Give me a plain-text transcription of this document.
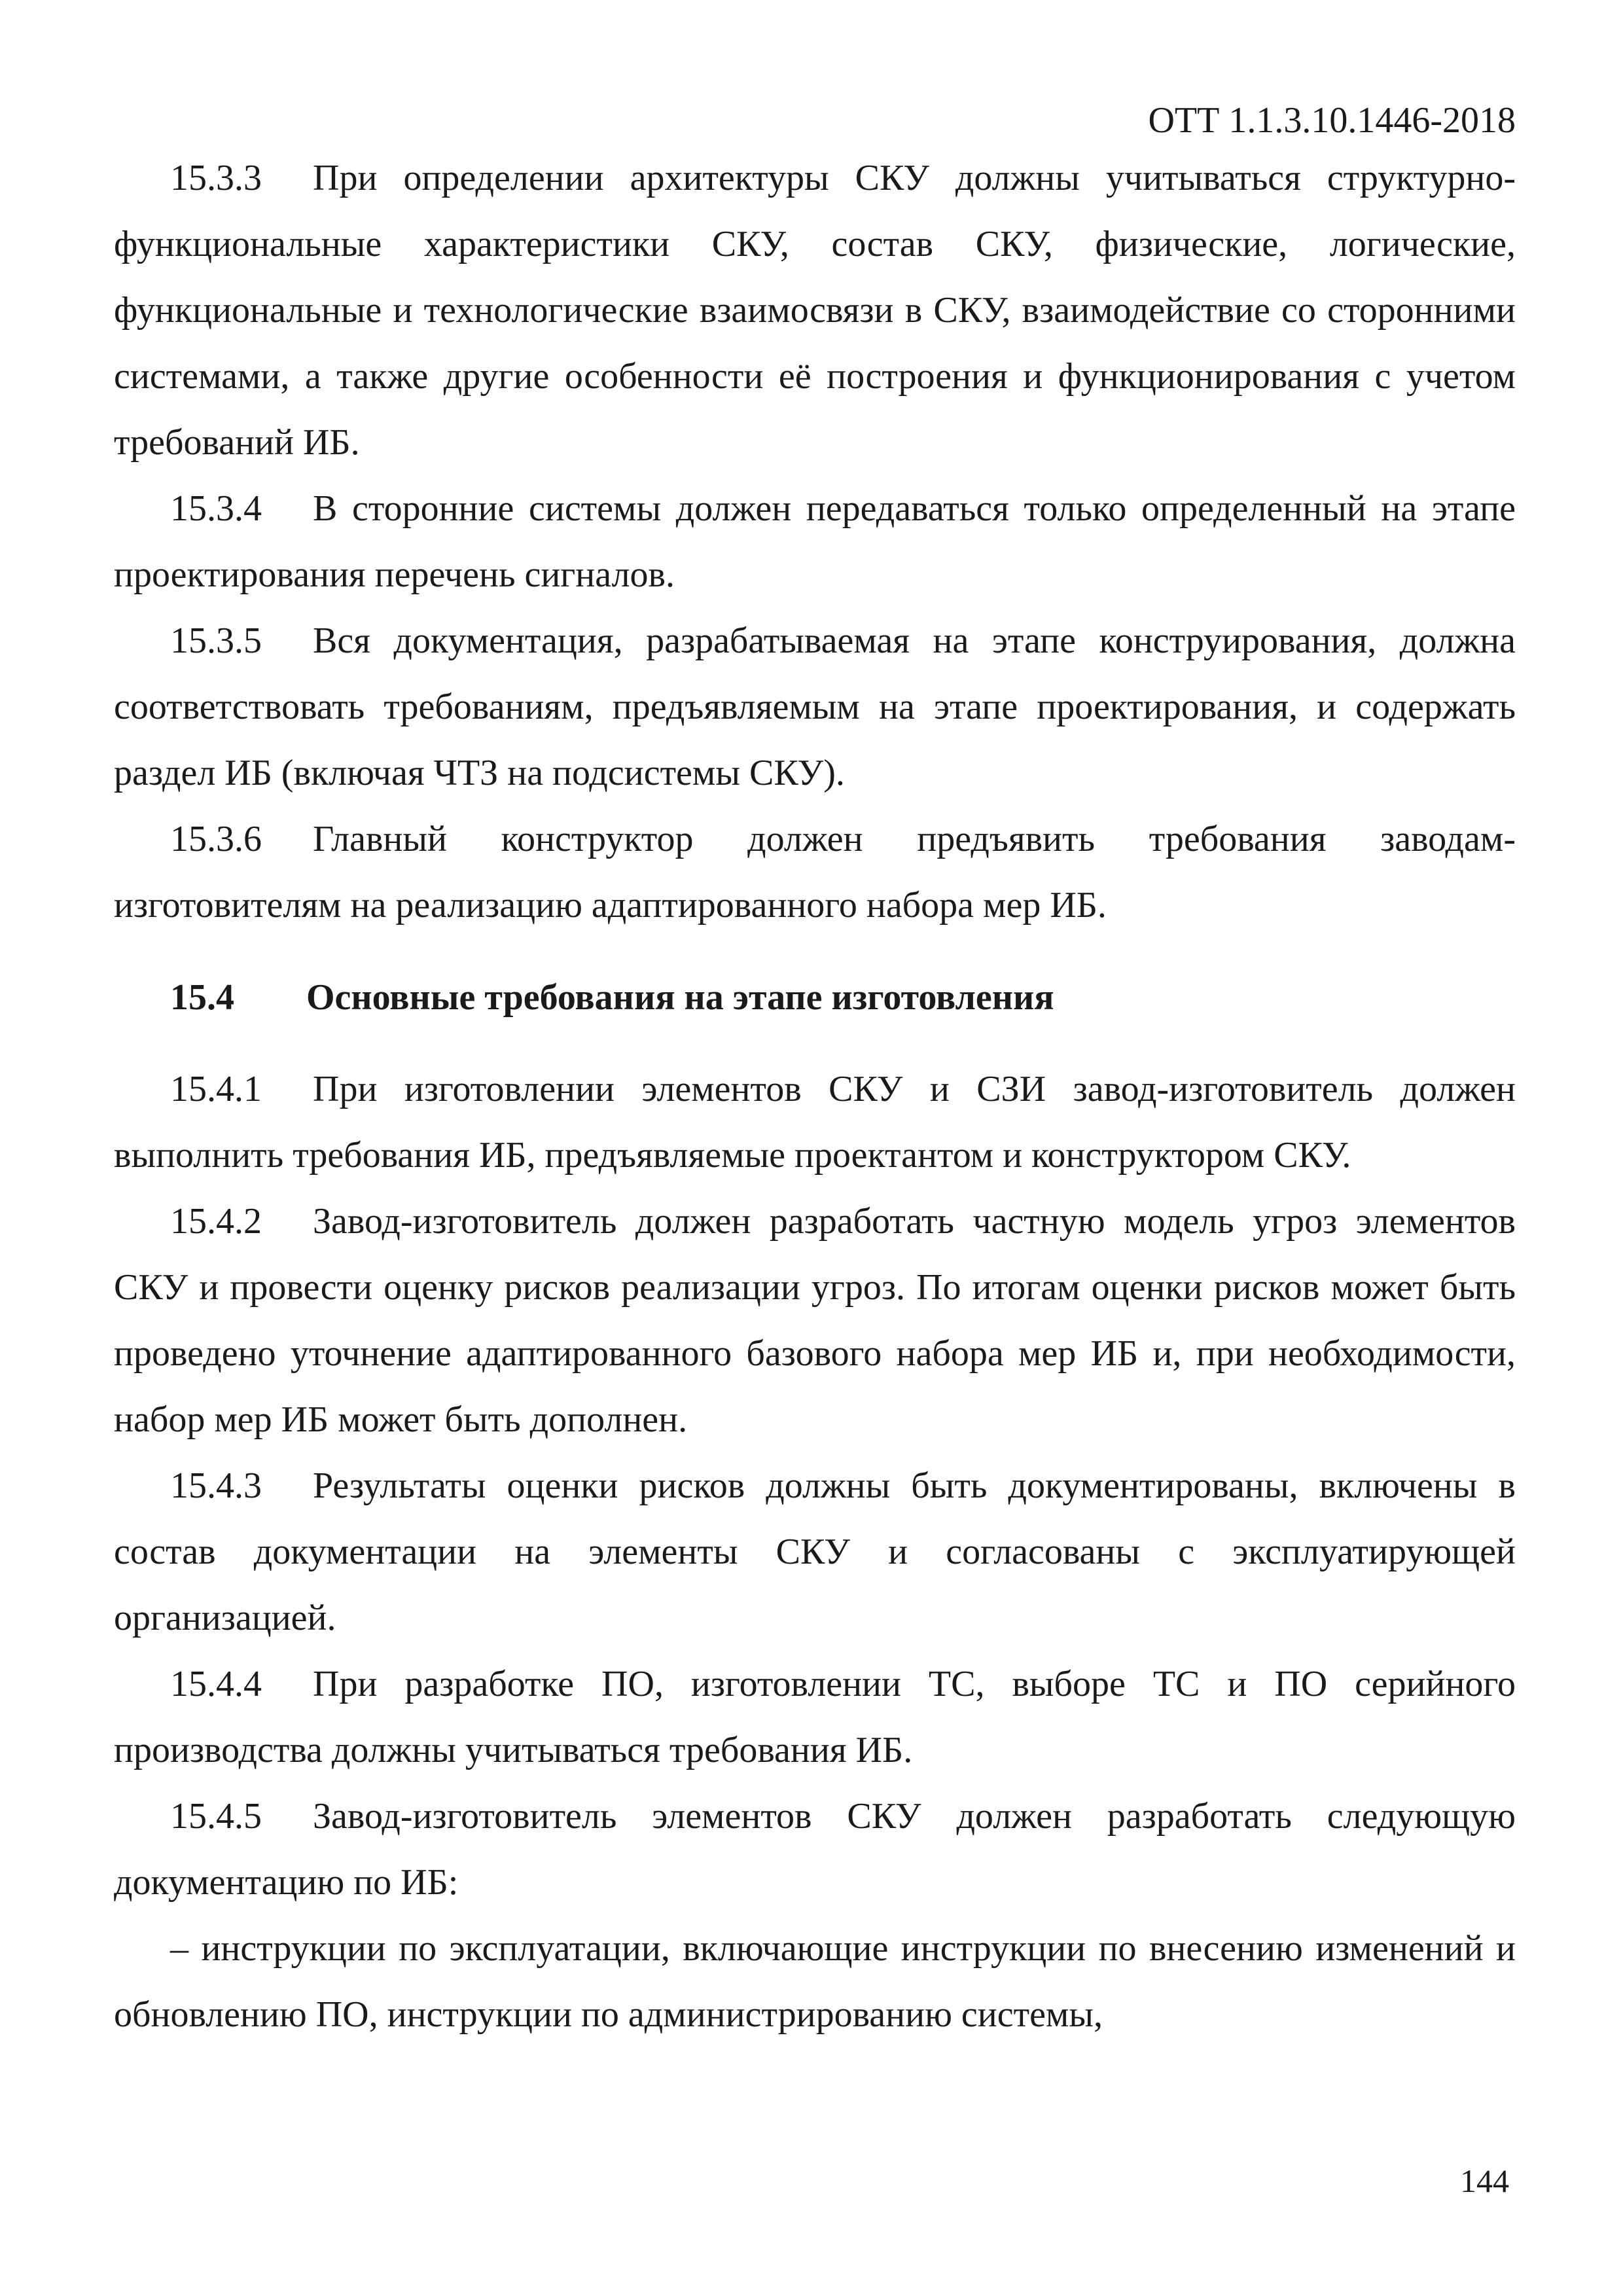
ОТТ 1.1.3.10.1446-2018

15.3.3 При определении архитектуры СКУ должны учитываться структурно-функциональные характеристики СКУ, состав СКУ, физические, логические, функциональные и технологические взаимосвязи в СКУ, взаимодействие со сторонними системами, а также другие особенности её построения и функционирования с учетом требований ИБ.

15.3.4 В сторонние системы должен передаваться только определенный на этапе проектирования перечень сигналов.

15.3.5 Вся документация, разрабатываемая на этапе конструирования, должна соответствовать требованиям, предъявляемым на этапе проектирования, и содержать раздел ИБ (включая ЧТЗ на подсистемы СКУ).

15.3.6 Главный конструктор должен предъявить требования заводам-изготовителям на реализацию адаптированного набора мер ИБ.

15.4 Основные требования на этапе изготовления

15.4.1 При изготовлении элементов СКУ и СЗИ завод-изготовитель должен выполнить требования ИБ, предъявляемые проектантом и конструктором СКУ.

15.4.2 Завод-изготовитель должен разработать частную модель угроз элементов СКУ и провести оценку рисков реализации угроз. По итогам оценки рисков может быть проведено уточнение адаптированного базового набора мер ИБ и, при необходимости, набор мер ИБ может быть дополнен.

15.4.3 Результаты оценки рисков должны быть документированы, включены в состав документации на элементы СКУ и согласованы с эксплуатирующей организацией.

15.4.4 При разработке ПО, изготовлении ТС, выборе ТС и ПО серийного производства должны учитываться требования ИБ.

15.4.5 Завод-изготовитель элементов СКУ должен разработать следующую документацию по ИБ:

– инструкции по эксплуатации, включающие инструкции по внесению изменений и обновлению ПО, инструкции по администрированию системы,

144
